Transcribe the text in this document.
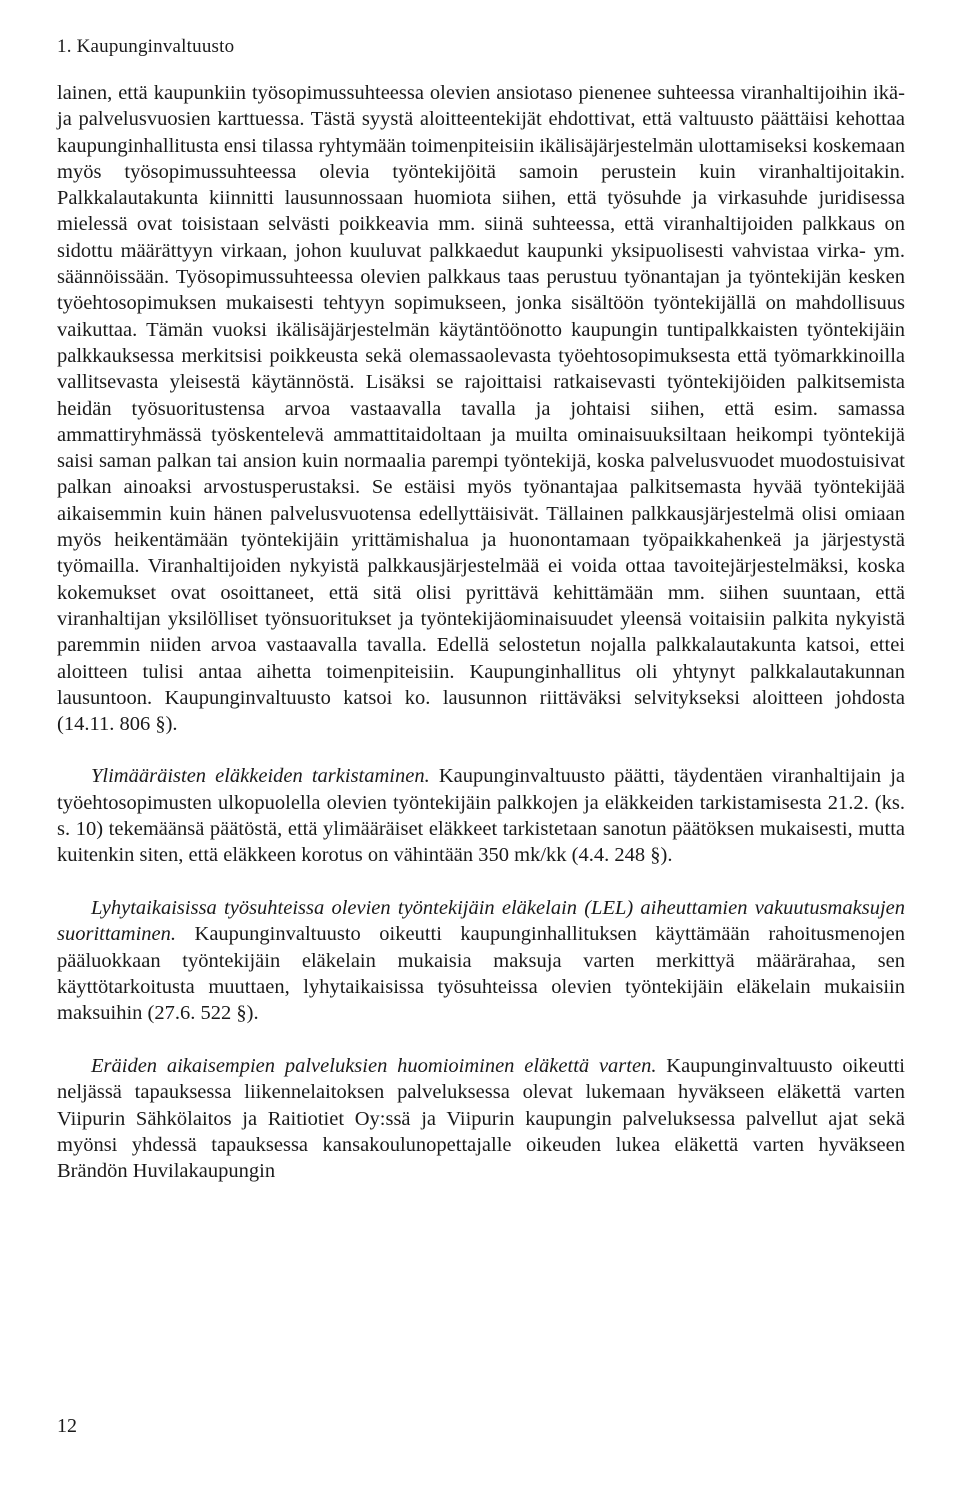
1. Kaupunginvaltuusto

lainen, että kaupunkiin työsopimussuhteessa olevien ansiotaso pienenee suhteessa viranhaltijoihin ikä- ja palvelusvuosien karttuessa. Tästä syystä aloitteentekijät ehdottivat, että valtuusto päättäisi kehottaa kaupunginhallitusta ensi tilassa ryhtymään toimenpiteisiin ikälisäjärjestelmän ulottamiseksi koskemaan myös työsopimussuhteessa olevia työntekijöitä samoin perustein kuin viranhaltijoitakin. Palkkalautakunta kiinnitti lausunnossaan huomiota siihen, että työsuhde ja virkasuhde juridisessa mielessä ovat toisistaan selvästi poikkeavia mm. siinä suhteessa, että viranhaltijoiden palkkaus on sidottu määrättyyn virkaan, johon kuuluvat palkkaedut kaupunki yksipuolisesti vahvistaa virka- ym. säännöissään. Työsopimussuhteessa olevien palkkaus taas perustuu työnantajan ja työntekijän kesken työehtosopimuksen mukaisesti tehtyyn sopimukseen, jonka sisältöön työntekijällä on mahdollisuus vaikuttaa. Tämän vuoksi ikälisäjärjestelmän käytäntöönotto kaupungin tuntipalkkaisten työntekijäin palkkauksessa merkitsisi poikkeusta sekä olemassaolevasta työehtosopimuksesta että työmarkkinoilla vallitsevasta yleisestä käytännöstä. Lisäksi se rajoittaisi ratkaisevasti työntekijöiden palkitsemista heidän työsuoritustensa arvoa vastaavalla tavalla ja johtaisi siihen, että esim. samassa ammattiryhmässä työskentelevä ammattitaidoltaan ja muilta ominaisuuksiltaan heikompi työntekijä saisi saman palkan tai ansion kuin normaalia parempi työntekijä, koska palvelusvuodet muodostuisivat palkan ainoaksi arvostusperustaksi. Se estäisi myös työnantajaa palkitsemasta hyvää työntekijää aikaisemmin kuin hänen palvelusvuotensa edellyttäisivät. Tällainen palkkausjärjestelmä olisi omiaan myös heikentämään työntekijäin yrittämishalua ja huonontamaan työpaikkahenkeä ja järjestystä työmailla. Viranhaltijoiden nykyistä palkkausjärjestelmää ei voida ottaa tavoitejärjestelmäksi, koska kokemukset ovat osoittaneet, että sitä olisi pyrittävä kehittämään mm. siihen suuntaan, että viranhaltijan yksilölliset työnsuoritukset ja työntekijäominaisuudet yleensä voitaisiin palkita nykyistä paremmin niiden arvoa vastaavalla tavalla. Edellä selostetun nojalla palkkalautakunta katsoi, ettei aloitteen tulisi antaa aihetta toimenpiteisiin. Kaupunginhallitus oli yhtynyt palkkalautakunnan lausuntoon. Kaupunginvaltuusto katsoi ko. lausunnon riittäväksi selvitykseksi aloitteen johdosta (14.11. 806 §).

Ylimääräisten eläkkeiden tarkistaminen. Kaupunginvaltuusto päätti, täydentäen viranhaltijain ja työehtosopimusten ulkopuolella olevien työntekijäin palkkojen ja eläkkeiden tarkistamisesta 21.2. (ks. s. 10) tekemäänsä päätöstä, että ylimääräiset eläkkeet tarkistetaan sanotun päätöksen mukaisesti, mutta kuitenkin siten, että eläkkeen korotus on vähintään 350 mk/kk (4.4. 248 §).

Lyhytaikaisissa työsuhteissa olevien työntekijäin eläkelain (LEL) aiheuttamien vakuutusmaksujen suorittaminen. Kaupunginvaltuusto oikeutti kaupunginhallituksen käyttämään rahoitusmenojen pääluokkaan työntekijäin eläkelain mukaisia maksuja varten merkittyä määrärahaa, sen käyttötarkoitusta muuttaen, lyhytaikaisissa työsuhteissa olevien työntekijäin eläkelain mukaisiin maksuihin (27.6. 522 §).

Eräiden aikaisempien palveluksien huomioiminen eläkettä varten. Kaupunginvaltuusto oikeutti neljässä tapauksessa liikennelaitoksen palveluksessa olevat lukemaan hyväkseen eläkettä varten Viipurin Sähkölaitos ja Raitiotiet Oy:ssä ja Viipurin kaupungin palveluksessa palvellut ajat sekä myönsi yhdessä tapauksessa kansakoulunopettajalle oikeuden lukea eläkettä varten hyväkseen Brändön Huvilakaupungin

12
